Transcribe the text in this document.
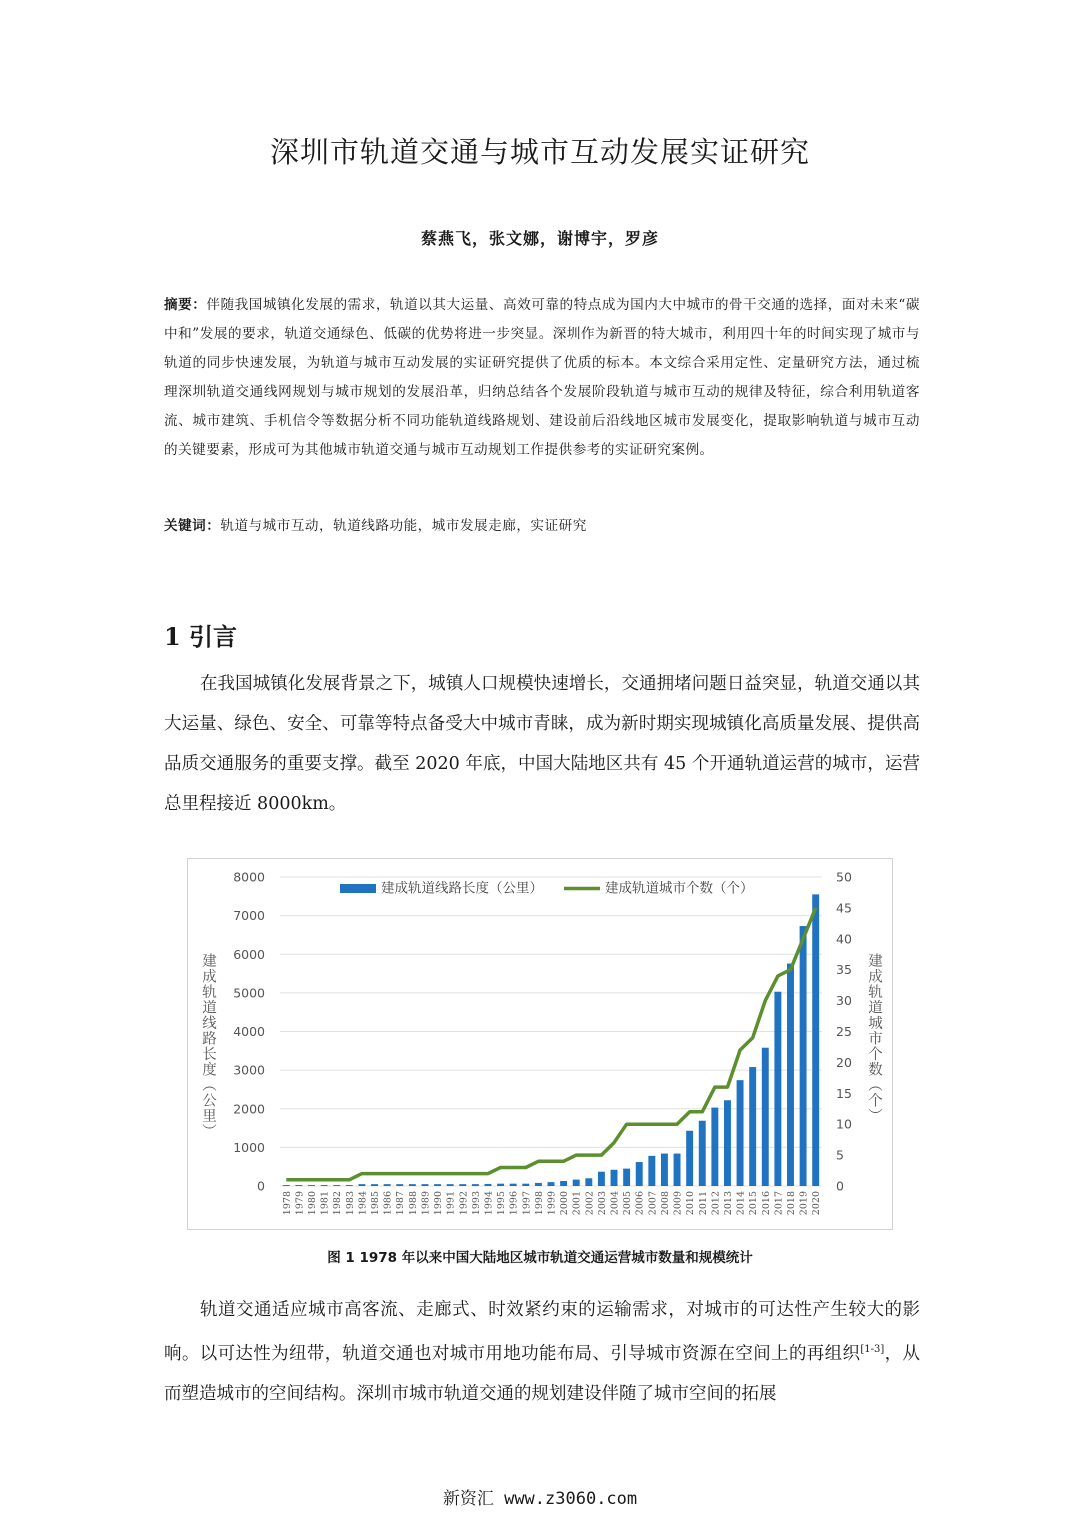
深圳市轨道交通与城市互动发展实证研究
蔡燕飞，张文娜，谢博宇，罗彦
摘要：伴随我国城镇化发展的需求，轨道以其大运量、高效可靠的特点成为国内大中城市的骨干交通的选择，面对未来“碳中和”发展的要求，轨道交通绿色、低碳的优势将进一步突显。深圳作为新晋的特大城市，利用四十年的时间实现了城市与轨道的同步快速发展，为轨道与城市互动发展的实证研究提供了优质的标本。本文综合采用定性、定量研究方法，通过梳理深圳轨道交通线网规划与城市规划的发展沿革，归纳总结各个发展阶段轨道与城市互动的规律及特征，综合利用轨道客流、城市建筑、手机信令等数据分析不同功能轨道线路规划、建设前后沿线地区城市发展变化，提取影响轨道与城市互动的关键要素，形成可为其他城市轨道交通与城市互动规划工作提供参考的实证研究案例。
关键词：轨道与城市互动，轨道线路功能，城市发展走廊，实证研究
1 引言
在我国城镇化发展背景之下，城镇人口规模快速增长，交通拥堵问题日益突显，轨道交通以其大运量、绿色、安全、可靠等特点备受大中城市青睐，成为新时期实现城镇化高质量发展、提供高品质交通服务的重要支撑。截至 2020 年底，中国大陆地区共有 45 个开通轨道运营的城市，运营总里程接近 8000km。
0
1000
2000
3000
4000
5000
6000
7000
8000
0
5
10
15
20
25
30
35
40
45
50
1978 1979 1980 1981 1982 1983 1984 1985 1986 1987 1988 1989 1990 1991 1992 1993 1994 1995 1996 1997 1998 1999 2000 2001 2002 2003 2004 2005 2006 2007 2008 2009 2010 2011 2012 2013 2014 2015 2016 2017 2018 2019 2020
建成轨道线路长度（公里）	建成轨道城市个数（个）
建成轨道线路长度（公里）	建成轨道城市个数（个）
图 1 1978 年以来中国大陆地区城市轨道交通运营城市数量和规模统计
轨道交通适应城市高客流、走廊式、时效紧约束的运输需求，对城市的可达性产生较大的影响。以可达性为纽带，轨道交通也对城市用地功能布局、引导城市资源在空间上的再组织[1-3]，从而塑造城市的空间结构。深圳市城市轨道交通的规划建设伴随了城市空间的拓展
新资汇 www.z3060.com
